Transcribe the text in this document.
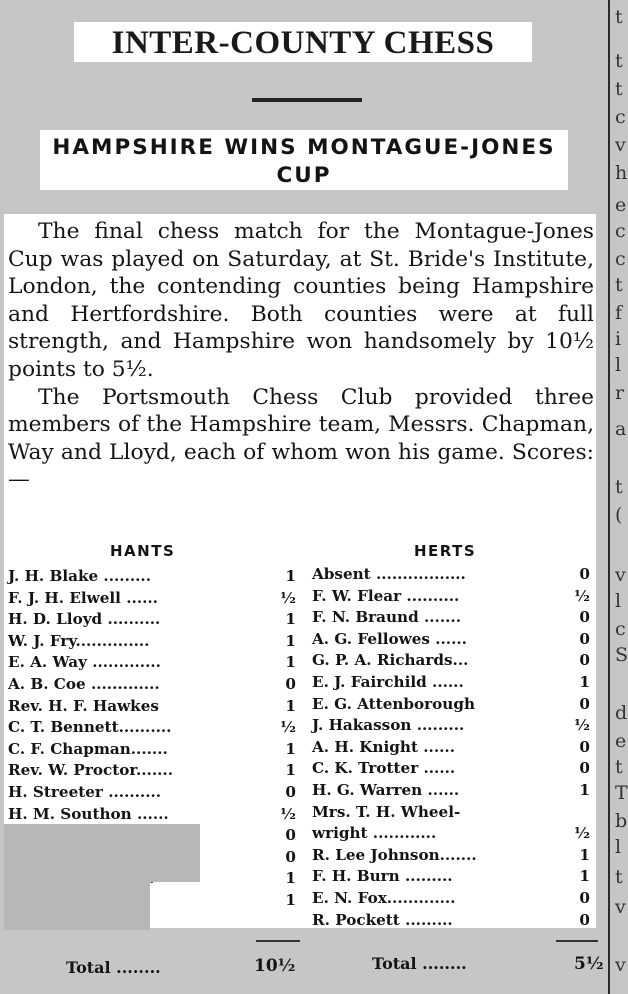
t
t
t
c
v
h
e
c
c
t
f
i
l
r
a
t
(
v
l
c
S
d
e
t
T
b
l
t
v
v
INTER-COUNTY CHESS
HAMPSHIRE WINS MONTAGUE-JONES CUP

The final chess match for the Montague-Jones Cup was played on Saturday, at St. Bride's Institute, London, the contending counties being Hampshire and Hertfordshire. Both counties were at full strength, and Hampshire won handsomely by 10½ points to 5½.

The Portsmouth Chess Club provided three members of the Hampshire team, Messrs. Chapman, Way and Lloyd, each of whom won his game. Scores:—

HANTS	HERTS
J. H. Blake .........	1
F. J. H. Elwell ......	½
H. D. Lloyd ..........	1
W. J. Fry..............	1
E. A. Way .............	1
A. B. Coe .............	0
Rev. H. F. Hawkes	1
C. T. Bennett..........	½
C. F. Chapman.......	1
Rev. W. Proctor.......	1
H. Streeter ..........	0
H. M. Southon ......	½
0
0
1
1
Absent .................	0
F. W. Flear ..........	½
F. N. Braund .......	0
A. G. Fellowes ......	0
G. P. A. Richards...	0
E. J. Fairchild ......	1
E. G. Attenborough	0
J. Hakasson .........	½
A. H. Knight ......	0
C. K. Trotter ......	0
H. G. Warren ......	1
Mrs. T. H. Wheel-
wright ............	½
R. Lee Johnson.......	1
F. H. Burn .........	1
E. N. Fox.............	0
R. Pockett .........	0
Total ........	10½	Total ........	5½
